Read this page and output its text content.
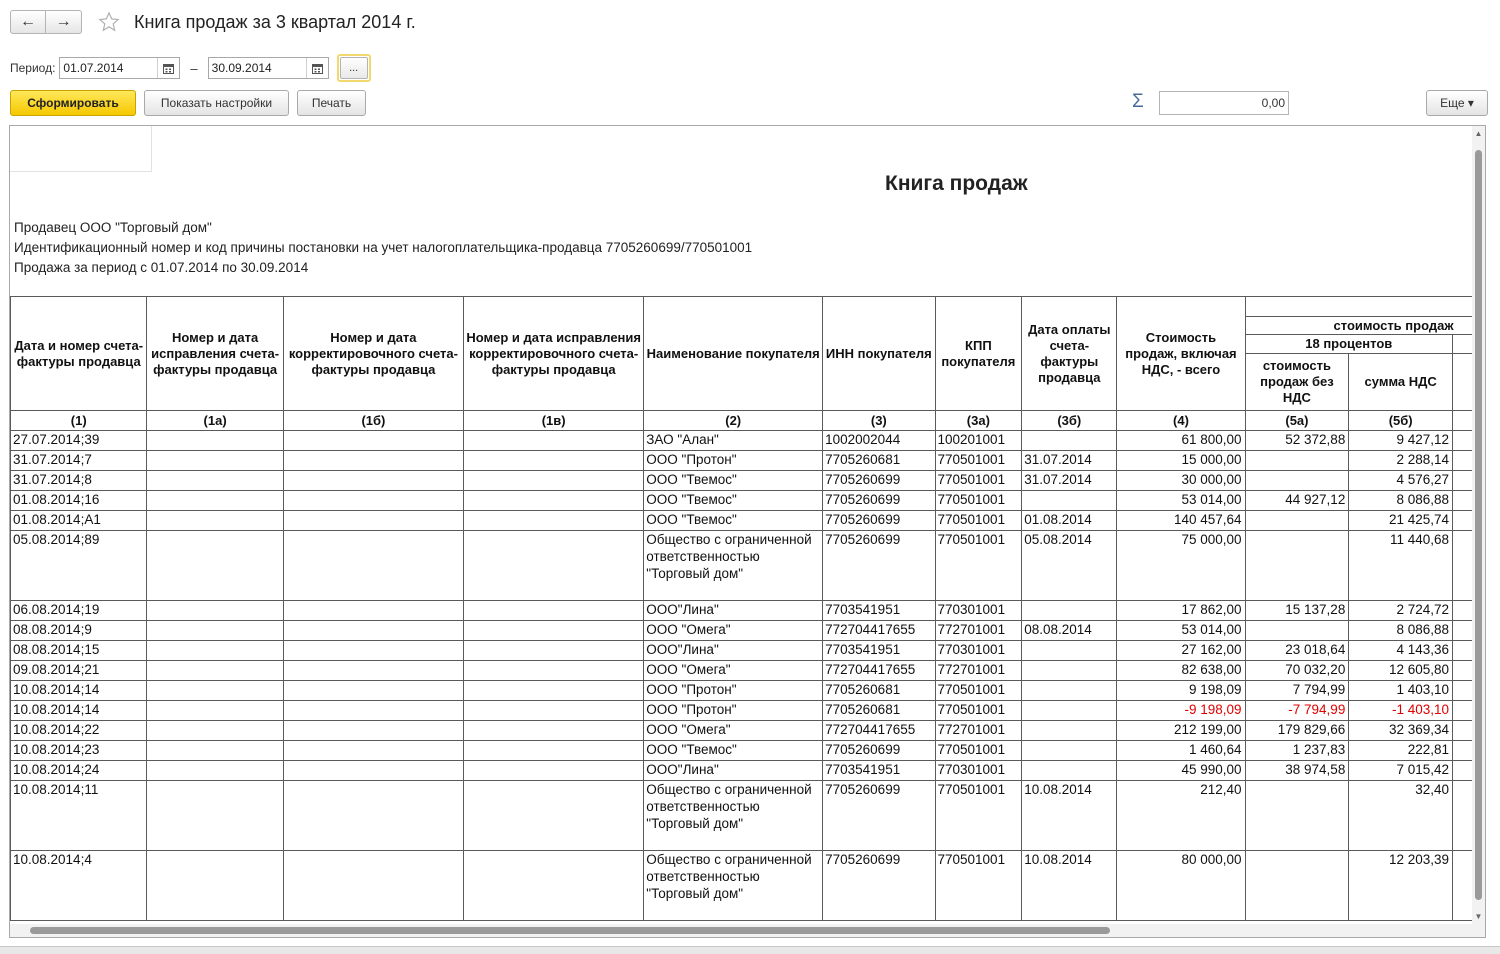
← →	Книга продаж за 3 квартал 2014 г.
Период: 01.07.2014	– 30.09.2014	...
Сформировать	Показать настройки	Печать	Σ	0,00	Еще ▾
Книга продаж
Продавец ООО "Торговый дом"
Идентификационный номер и код причины постановки на учет налогоплательщика-продавца 7705260699/770501001
Продажа за период с 01.07.2014 по 30.09.2014
Дата и номер счета-фактуры продавца	Номер и дата исправления счета-фактуры продавца	Номер и дата корректировочного счета-фактуры продавца	Номер и дата исправления корректировочного счета-фактуры продавца	Наименование покупателя	ИНН покупателя	КПП покупателя	Дата оплаты счета-фактуры продавца	Стоимость продаж, включая НДС, - всего			
									стоимость продаж		
									18 процентов		
									стоимость продаж без НДС	сумма НДС	
(1)	(1а)	(1б)	(1в)	(2)	(3)	(3а)	(3б)	(4)	(5а)	(5б)	
27.07.2014;39				ЗАО "Алан"	1002002044	100201001		61 800,00	52 372,88	9 427,12	
31.07.2014;7				ООО "Протон"	7705260681	770501001	31.07.2014	15 000,00		2 288,14	
31.07.2014;8				ООО "Твемос"	7705260699	770501001	31.07.2014	30 000,00		4 576,27	
01.08.2014;16				ООО "Твемос"	7705260699	770501001		53 014,00	44 927,12	8 086,88	
01.08.2014;А1				ООО "Твемос"	7705260699	770501001	01.08.2014	140 457,64		21 425,74	
05.08.2014;89				Общество с ограниченной ответственностью "Торговый дом"	7705260699	770501001	05.08.2014	75 000,00		11 440,68	
06.08.2014;19				ООО"Лина"	7703541951	770301001		17 862,00	15 137,28	2 724,72	
08.08.2014;9				ООО "Омега"	772704417655	772701001	08.08.2014	53 014,00		8 086,88	
08.08.2014;15				ООО"Лина"	7703541951	770301001		27 162,00	23 018,64	4 143,36	
09.08.2014;21				ООО "Омега"	772704417655	772701001		82 638,00	70 032,20	12 605,80	
10.08.2014;14				ООО "Протон"	7705260681	770501001		9 198,09	7 794,99	1 403,10	
10.08.2014;14				ООО "Протон"	7705260681	770501001		-9 198,09	-7 794,99	-1 403,10	
10.08.2014;22				ООО "Омега"	772704417655	772701001		212 199,00	179 829,66	32 369,34	
10.08.2014;23				ООО "Твемос"	7705260699	770501001		1 460,64	1 237,83	222,81	
10.08.2014;24				ООО"Лина"	7703541951	770301001		45 990,00	38 974,58	7 015,42	
10.08.2014;11				Общество с ограниченной ответственностью "Торговый дом"	7705260699	770501001	10.08.2014	212,40		32,40	
10.08.2014;4				Общество с ограниченной ответственностью "Торговый дом"	7705260699	770501001	10.08.2014	80 000,00		12 203,39	
▲
▼
